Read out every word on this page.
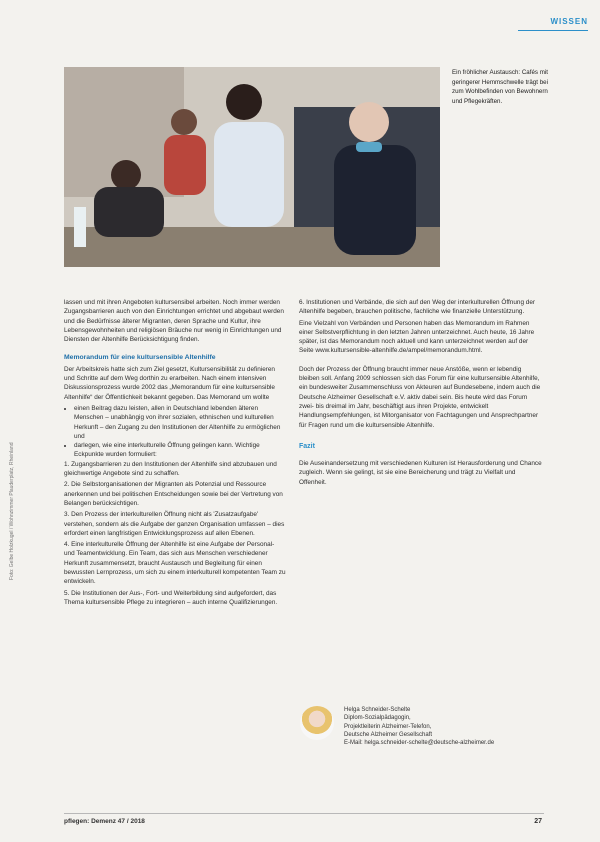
WISSEN
Ein fröhlicher Austausch: Cafés mit geringerer Hemmschwelle trägt bei zum Wohlbefinden von Bewohnern und Pflegekräften.

lassen und mit ihren Angeboten kultursensibel arbeiten. Noch immer werden Zugangsbarrieren auch von den Einrichtungen errichtet und abgebaut werden und die Bedürfnisse älterer Migranten, deren Sprache und Kultur, ihre Lebensgewohnheiten und religiösen Bräuche nur wenig in Einrichtungen und Diensten der Altenhilfe Berücksichtigung finden.

Memorandum für eine kultursensible Altenhilfe

Der Arbeitskreis hatte sich zum Ziel gesetzt, Kultursensibilität zu definieren und Schritte auf dem Weg dorthin zu erarbeiten. Nach einem intensiven Diskussionsprozess wurde 2002 das „Memorandum für eine kultursensible Altenhilfe“ der Öffentlichkeit bekannt gegeben. Das Memorand um wollte

• einen Beitrag dazu leisten, allen in Deutschland lebenden älteren Menschen – unabhängig von ihrer sozialen, ethnischen und kulturellen Herkunft – den Zugang zu den Institutionen der Altenhilfe zu ermöglichen und
• darlegen, wie eine interkulturelle Öffnung gelingen kann. Wichtige Eckpunkte wurden formuliert:

1. Zugangsbarrieren zu den Institutionen der Altenhilfe sind abzubauen und gleichwertige Angebote sind zu schaffen.

2. Die Selbstorganisationen der Migranten als Potenzial und Ressource anerkennen und bei politischen Entscheidungen sowie bei der Vertretung von Belangen berücksichtigen.

3. Den Prozess der interkulturellen Öffnung nicht als 'Zusatzaufgabe' verstehen, sondern als die Aufgabe der ganzen Organisation umfassen – dies erfordert einen langfristigen Entwicklungsprozess auf allen Ebenen.

4. Eine interkulturelle Öffnung der Altenhilfe ist eine Aufgabe der Personal- und Teamentwicklung. Ein Team, das sich aus Menschen verschiedener Herkunft zusammensetzt, braucht Austausch und Begleitung für einen bewussten Lernprozess, um sich zu einem interkulturell kompetenten Team zu entwickeln.

5. Die Institutionen der Aus-, Fort- und Weiterbildung sind aufgefordert, das Thema kultursensible Pflege zu integrieren – auch interne Qualifizierungen.

6. Institutionen und Verbände, die sich auf den Weg der interkulturellen Öffnung der Altenhilfe begeben, brauchen politische, fachliche wie finanzielle Unterstützung.

Eine Vielzahl von Verbänden und Personen haben das Memorandum im Rahmen einer Selbstverpflichtung in den letzten Jahren unterzeichnet. Auch heute, 16 Jahre später, ist das Memorandum noch aktuell und kann unterzeichnet werden auf der Seite www.kultursensible-altenhilfe.de/ampel/memorandum.html.

Doch der Prozess der Öffnung braucht immer neue Anstöße, wenn er lebendig bleiben soll. Anfang 2009 schlossen sich das Forum für eine kultursensible Altenhilfe, ein bundesweiter Zusammenschluss von Akteuren auf Bundesebene, indem auch die Deutsche Alzheimer Gesellschaft e.V. aktiv dabei sein. Bis heute wird das Forum zwei- bis dreimal im Jahr, beschäftigt aus ihren Projekte, entwickelt Handlungsempfehlungen, ist Mitorganisator von Fachtagungen und Ansprechpartner für Fragen rund um die kultursensible Altenhilfe.

Fazit

Die Auseinandersetzung mit verschiedenen Kulturen ist Herausforderung und Chance zugleich. Wenn sie gelingt, ist sie eine Bereicherung und trägt zu Vielfalt und Offenheit.

Helga Schneider-Schelte
Diplom-Sozialpädagogin,
Projektleiterin Alzheimer-Telefon,
Deutsche Alzheimer Gesellschaft
E-Mail: helga.schneider-schelte@deutsche-alzheimer.de
Foto: Gelbe Holzkugel / Wohnzimmer Plauderplatz, Rheinland
pflegen: Demenz 47 / 2018	27
